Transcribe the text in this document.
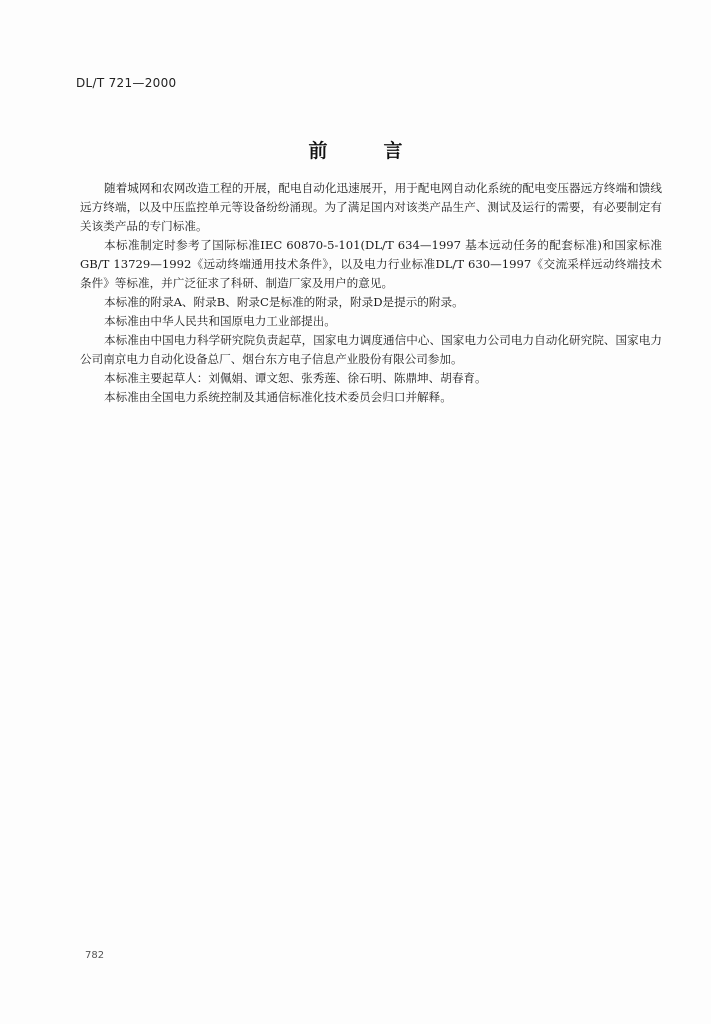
DL/T 721—2000
前言

随着城网和农网改造工程的开展，配电自动化迅速展开，用于配电网自动化系统的配电变压器远方终端和馈线远方终端，以及中压监控单元等设备纷纷涌现。为了满足国内对该类产品生产、测试及运行的需要，有必要制定有关该类产品的专门标准。

本标准制定时参考了国际标准IEC 60870-5-101(DL/T 634—1997 基本远动任务的配套标准)和国家标准GB/T 13729—1992《远动终端通用技术条件》，以及电力行业标准DL/T 630—1997《交流采样远动终端技术条件》等标准，并广泛征求了科研、制造厂家及用户的意见。

本标准的附录A、附录B、附录C是标准的附录，附录D是提示的附录。

本标准由中华人民共和国原电力工业部提出。

本标准由中国电力科学研究院负责起草，国家电力调度通信中心、国家电力公司电力自动化研究院、国家电力公司南京电力自动化设备总厂、烟台东方电子信息产业股份有限公司参加。

本标准主要起草人：刘佩娟、谭文恕、张秀莲、徐石明、陈鼎坤、胡春育。

本标准由全国电力系统控制及其通信标准化技术委员会归口并解释。

782
